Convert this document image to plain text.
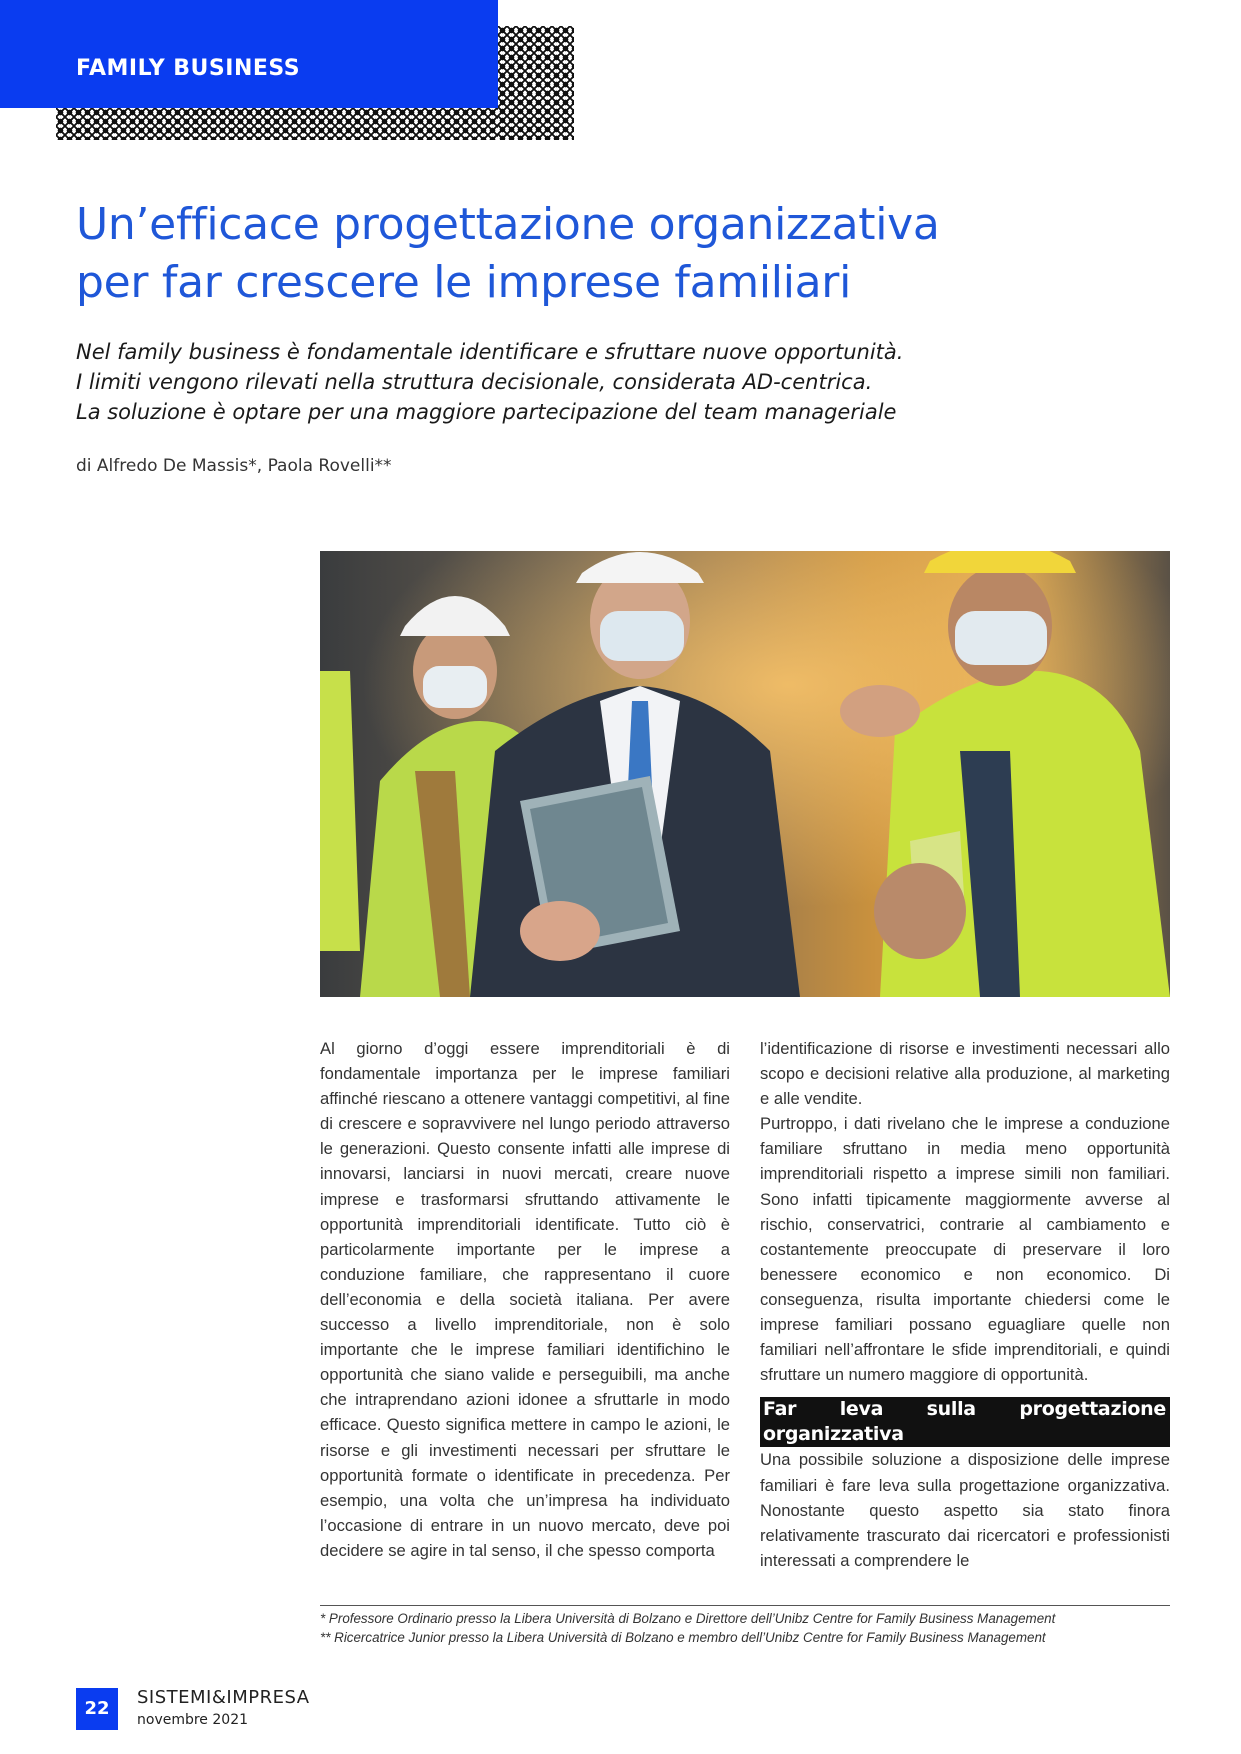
FAMILY BUSINESS
Un’efficace progettazione organizzativa
per far crescere le imprese familiari
Nel family business è fondamentale identificare e sfruttare nuove opportunità.
I limiti vengono rilevati nella struttura decisionale, considerata AD-centrica.
La soluzione è optare per una maggiore partecipazione del team manageriale
di Alfredo De Massis*, Paola Rovelli**

Al giorno d’oggi essere imprenditoriali è di fondamentale importanza per le imprese familiari affinché riescano a ottenere vantaggi competitivi, al fine di crescere e sopravvivere nel lungo periodo attraverso le generazioni. Questo consente infatti alle imprese di innovarsi, lanciarsi in nuovi mercati, creare nuove imprese e trasformarsi sfruttando attivamente le opportunità imprenditoriali identificate. Tutto ciò è particolarmente importante per le imprese a conduzione familiare, che rappresentano il cuore dell’economia e della società italiana. Per avere successo a livello imprenditoriale, non è solo importante che le imprese familiari identifichino le opportunità che siano valide e perseguibili, ma anche che intraprendano azioni idonee a sfruttarle in modo efficace. Questo significa mettere in campo le azioni, le risorse e gli investimenti necessari per sfruttare le opportunità formate o identificate in precedenza. Per esempio, una volta che un’impresa ha individuato l’occasione di entrare in un nuovo mercato, deve poi decidere se agire in tal senso, il che spesso comporta

l’identificazione di risorse e investimenti necessari allo scopo e decisioni relative alla produzione, al marketing e alle vendite.

Purtroppo, i dati rivelano che le imprese a conduzione familiare sfruttano in media meno opportunità imprenditoriali rispetto a imprese simili non familiari. Sono infatti tipicamente maggiormente avverse al rischio, conservatrici, contrarie al cambiamento e costantemente preoccupate di preservare il loro benessere economico e non economico. Di conseguenza, risulta importante chiedersi come le imprese familiari possano eguagliare quelle non familiari nell’affrontare le sfide imprenditoriali, e quindi sfruttare un numero maggiore di opportunità.

Far leva sulla progettazione organizzativa

Una possibile soluzione a disposizione delle imprese familiari è fare leva sulla progettazione organizzativa. Nonostante questo aspetto sia stato finora relativamente trascurato dai ricercatori e professionisti interessati a comprendere le

* Professore Ordinario presso la Libera Università di Bolzano e Direttore dell’Unibz Centre for Family Business Management
** Ricercatrice Junior presso la Libera Università di Bolzano e membro dell’Unibz Centre for Family Business Management
22
SISTEMI&IMPRESA
novembre 2021
